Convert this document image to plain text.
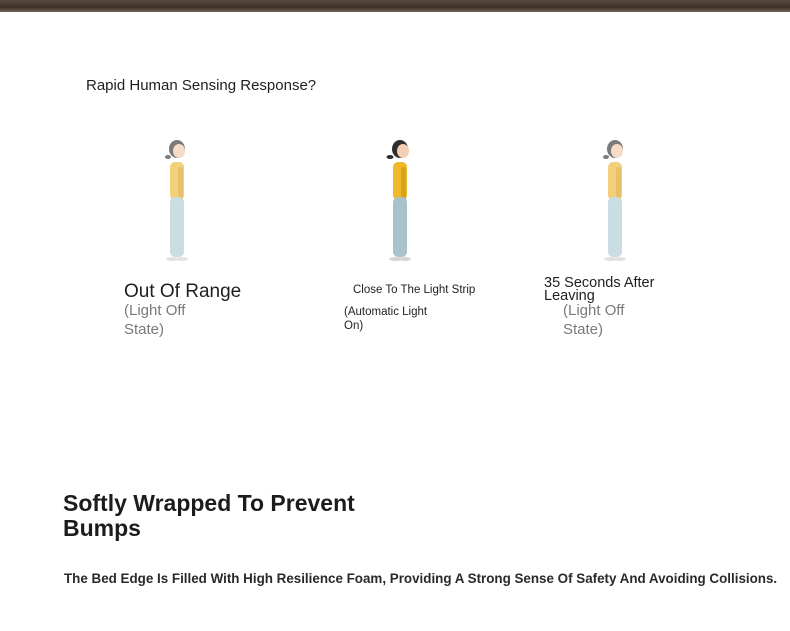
Rapid Human Sensing Response?
Out Of Range
(Light Off State)
Close To The Light Strip
(Automatic Light On)
35 Seconds After Leaving
(Light Off State)
Softly Wrapped To Prevent Bumps
The Bed Edge Is Filled With High Resilience Foam, Providing A Strong Sense Of Safety And Avoiding Collisions.
